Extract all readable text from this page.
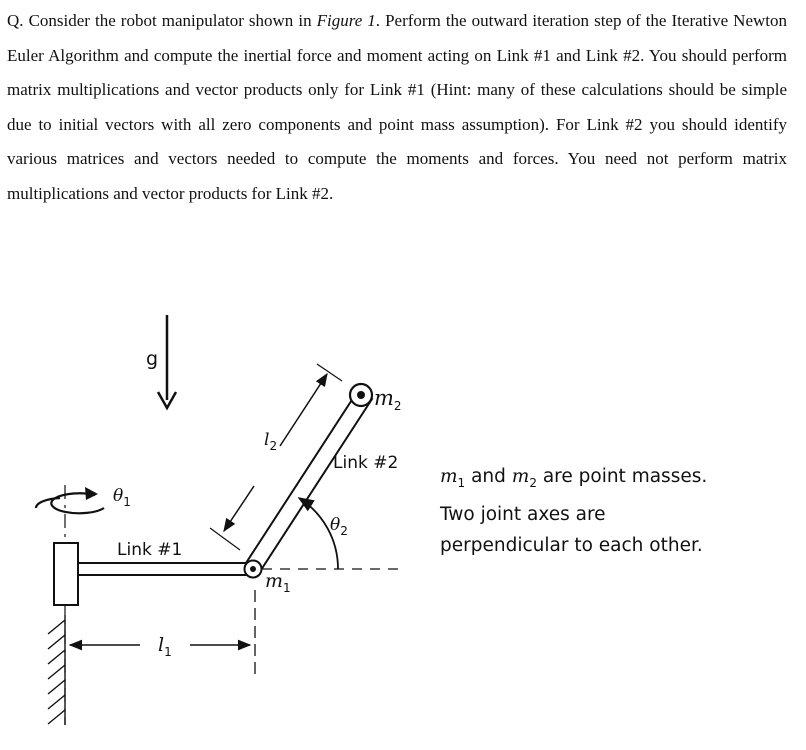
Q. Consider the robot manipulator shown in Figure 1. Perform the outward iteration step of the Iterative Newton Euler Algorithm and compute the inertial force and moment acting on Link #1 and Link #2. You should perform matrix multiplications and vector products only for Link #1 (Hint: many of these calculations should be simple due to initial vectors with all zero components and point mass assumption). For Link #2 you should identify various matrices and vectors needed to compute the moments and forces. You need not perform matrix multiplications and vector products for Link #2.

g
$\theta_1$
Link #1
Link #2
$\theta_2$
$m_2$
$m_1$
$l_2$
$l_1$
$m_1$ and $m_2$ are point masses.
Two joint axes are
perpendicular to each other.
